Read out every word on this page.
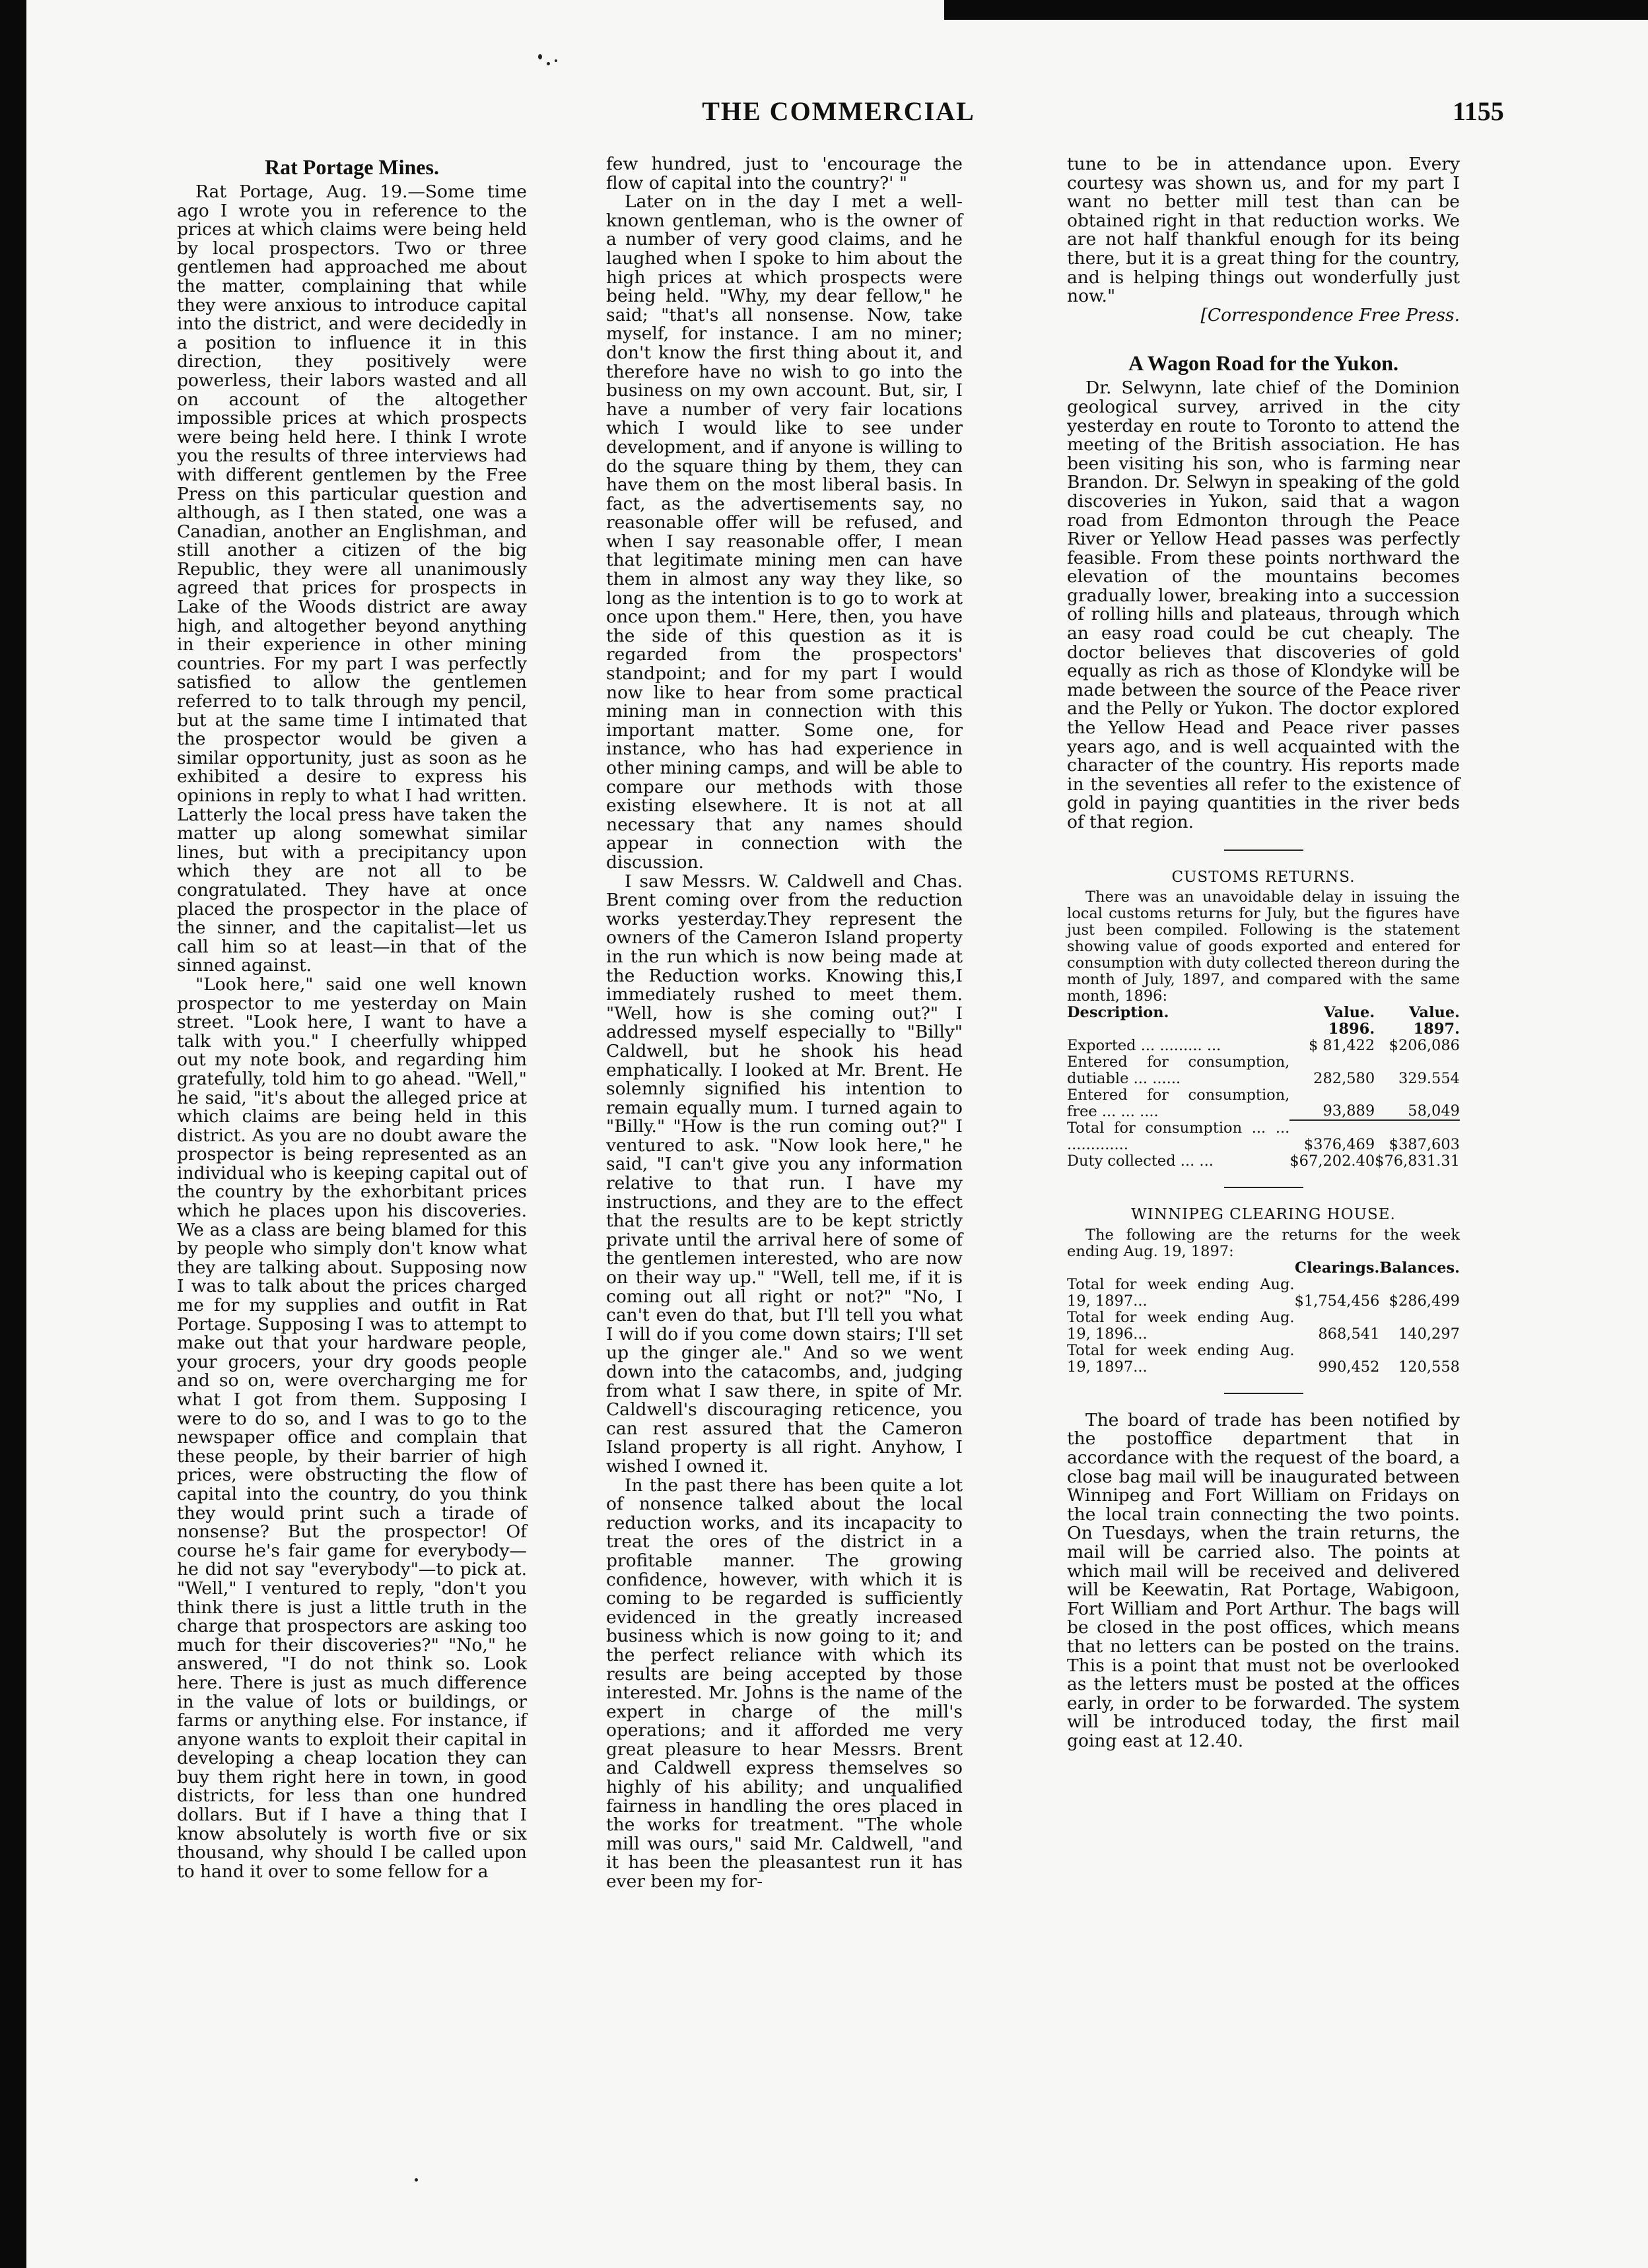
THE COMMERCIAL	1155
Rat Portage Mines.

Rat Portage, Aug. 19.—Some time ago I wrote you in reference to the prices at which claims were being held by local prospectors. Two or three gentlemen had approached me about the matter, complaining that while they were anxious to introduce capital into the district, and were decidedly in a position to influence it in this direction, they positively were powerless, their labors wasted and all on account of the altogether impossible prices at which prospects were being held here. I think I wrote you the results of three interviews had with different gentlemen by the Free Press on this particular question and although, as I then stated, one was a Canadian, another an Englishman, and still another a citizen of the big Republic, they were all unanimously agreed that prices for prospects in Lake of the Woods district are away high, and altogether beyond anything in their experience in other mining countries. For my part I was perfectly satisfied to allow the gentlemen referred to to talk through my pencil, but at the same time I intimated that the prospector would be given a similar opportunity, just as soon as he exhibited a desire to express his opinions in reply to what I had written. Latterly the local press have taken the matter up along somewhat similar lines, but with a precipitancy upon which they are not all to be congratulated. They have at once placed the prospector in the place of the sinner, and the capitalist—let us call him so at least—in that of the sinned against.

"Look here," said one well known prospector to me yesterday on Main street. "Look here, I want to have a talk with you." I cheerfully whipped out my note book, and regarding him gratefully, told him to go ahead. "Well," he said, "it's about the alleged price at which claims are being held in this district. As you are no doubt aware the prospector is being represented as an individual who is keeping capital out of the country by the exhorbitant prices which he places upon his discoveries. We as a class are being blamed for this by people who simply don't know what they are talking about. Supposing now I was to talk about the prices charged me for my supplies and outfit in Rat Portage. Supposing I was to attempt to make out that your hardware people, your grocers, your dry goods people and so on, were overcharging me for what I got from them. Supposing I were to do so, and I was to go to the newspaper office and complain that these people, by their barrier of high prices, were obstructing the flow of capital into the country, do you think they would print such a tirade of nonsense? But the prospector! Of course he's fair game for everybody—he did not say "everybody"—to pick at. "Well," I ventured to reply, "don't you think there is just a little truth in the charge that prospectors are asking too much for their discoveries?" "No," he answered, "I do not think so. Look here. There is just as much difference in the value of lots or buildings, or farms or anything else. For instance, if anyone wants to exploit their capital in developing a cheap location they can buy them right here in town, in good districts, for less than one hundred dollars. But if I have a thing that I know absolutely is worth five or six thousand, why should I be called upon to hand it over to some fellow for a

few hundred, just to 'encourage the flow of capital into the country?' "

Later on in the day I met a well-known gentleman, who is the owner of a number of very good claims, and he laughed when I spoke to him about the high prices at which prospects were being held. "Why, my dear fellow," he said; "that's all nonsense. Now, take myself, for instance. I am no miner; don't know the first thing about it, and therefore have no wish to go into the business on my own account. But, sir, I have a number of very fair locations which I would like to see under development, and if anyone is willing to do the square thing by them, they can have them on the most liberal basis. In fact, as the advertisements say, no reasonable offer will be refused, and when I say reasonable offer, I mean that legitimate mining men can have them in almost any way they like, so long as the intention is to go to work at once upon them." Here, then, you have the side of this question as it is regarded from the prospectors' standpoint; and for my part I would now like to hear from some practical mining man in connection with this important matter. Some one, for instance, who has had experience in other mining camps, and will be able to compare our methods with those existing elsewhere. It is not at all necessary that any names should appear in connection with the discussion.

I saw Messrs. W. Caldwell and Chas. Brent coming over from the reduction works yesterday.They represent the owners of the Cameron Island property in the run which is now being made at the Reduction works. Knowing this,I immediately rushed to meet them. "Well, how is she coming out?" I addressed myself especially to "Billy" Caldwell, but he shook his head emphatically. I looked at Mr. Brent. He solemnly signified his intention to remain equally mum. I turned again to "Billy." "How is the run coming out?" I ventured to ask. "Now look here," he said, "I can't give you any information relative to that run. I have my instructions, and they are to the effect that the results are to be kept strictly private until the arrival here of some of the gentlemen interested, who are now on their way up." "Well, tell me, if it is coming out all right or not?" "No, I can't even do that, but I'll tell you what I will do if you come down stairs; I'll set up the ginger ale." And so we went down into the catacombs, and, judging from what I saw there, in spite of Mr. Caldwell's discouraging reticence, you can rest assured that the Cameron Island property is all right. Anyhow, I wished I owned it.

In the past there has been quite a lot of nonsence talked about the local reduction works, and its incapacity to treat the ores of the district in a profitable manner. The growing confidence, however, with which it is coming to be regarded is sufficiently evidenced in the greatly increased business which is now going to it; and the perfect reliance with which its results are being accepted by those interested. Mr. Johns is the name of the expert in charge of the mill's operations; and it afforded me very great pleasure to hear Messrs. Brent and Caldwell express themselves so highly of his ability; and unqualified fairness in handling the ores placed in the works for treatment. "The whole mill was ours," said Mr. Caldwell, "and it has been the pleasantest run it has ever been my for-

tune to be in attendance upon. Every courtesy was shown us, and for my part I want no better mill test than can be obtained right in that reduction works. We are not half thankful enough for its being there, but it is a great thing for the country, and is helping things out wonderfully just now."

[Correspondence Free Press.

A Wagon Road for the Yukon.

Dr. Selwynn, late chief of the Dominion geological survey, arrived in the city yesterday en route to Toronto to attend the meeting of the British association. He has been visiting his son, who is farming near Brandon. Dr. Selwyn in speaking of the gold discoveries in Yukon, said that a wagon road from Edmonton through the Peace River or Yellow Head passes was perfectly feasible. From these points northward the elevation of the mountains becomes gradually lower, breaking into a succession of rolling hills and plateaus, through which an easy road could be cut cheaply. The doctor believes that discoveries of gold equally as rich as those of Klondyke will be made between the source of the Peace river and the Pelly or Yukon. The doctor explored the Yellow Head and Peace river passes years ago, and is well acquainted with the character of the country. His reports made in the seventies all refer to the existence of gold in paying quantities in the river beds of that region.

CUSTOMS RETURNS.

There was an unavoidable delay in issuing the local customs returns for July, but the figures have just been compiled. Following is the statement showing value of goods exported and entered for consumption with duty collected thereon during the month of July, 1897, and compared with the same month, 1896:

Description.	Value.	Value.
	1896.	1897.
Exported ... ......... ...	$ 81,422	$206,086
Entered for consumption, dutiable ... ......	282,580	329.554
Entered for consumption, free ... ... ....	93,889	58,049
Total for consumption ... ... .............	$376,469	$387,603
Duty collected ... ...	$67,202.40	$76,831.31
WINNIPEG CLEARING HOUSE.

The following are the returns for the week ending Aug. 19, 1897:

	Clearings.	Balances.
Total for week ending Aug. 19, 1897...	$1,754,456	$286,499
Total for week ending Aug. 19, 1896...	868,541	140,297
Total for week ending Aug. 19, 1897...	990,452	120,558

The board of trade has been notified by the postoffice department that in accordance with the request of the board, a close bag mail will be inaugurated between Winnipeg and Fort William on Fridays on the local train connecting the two points. On Tuesdays, when the train returns, the mail will be carried also. The points at which mail will be received and delivered will be Keewatin, Rat Portage, Wabigoon, Fort William and Port Arthur. The bags will be closed in the post offices, which means that no letters can be posted on the trains. This is a point that must not be overlooked as the letters must be posted at the offices early, in order to be forwarded. The system will be introduced today, the first mail going east at 12.40.
